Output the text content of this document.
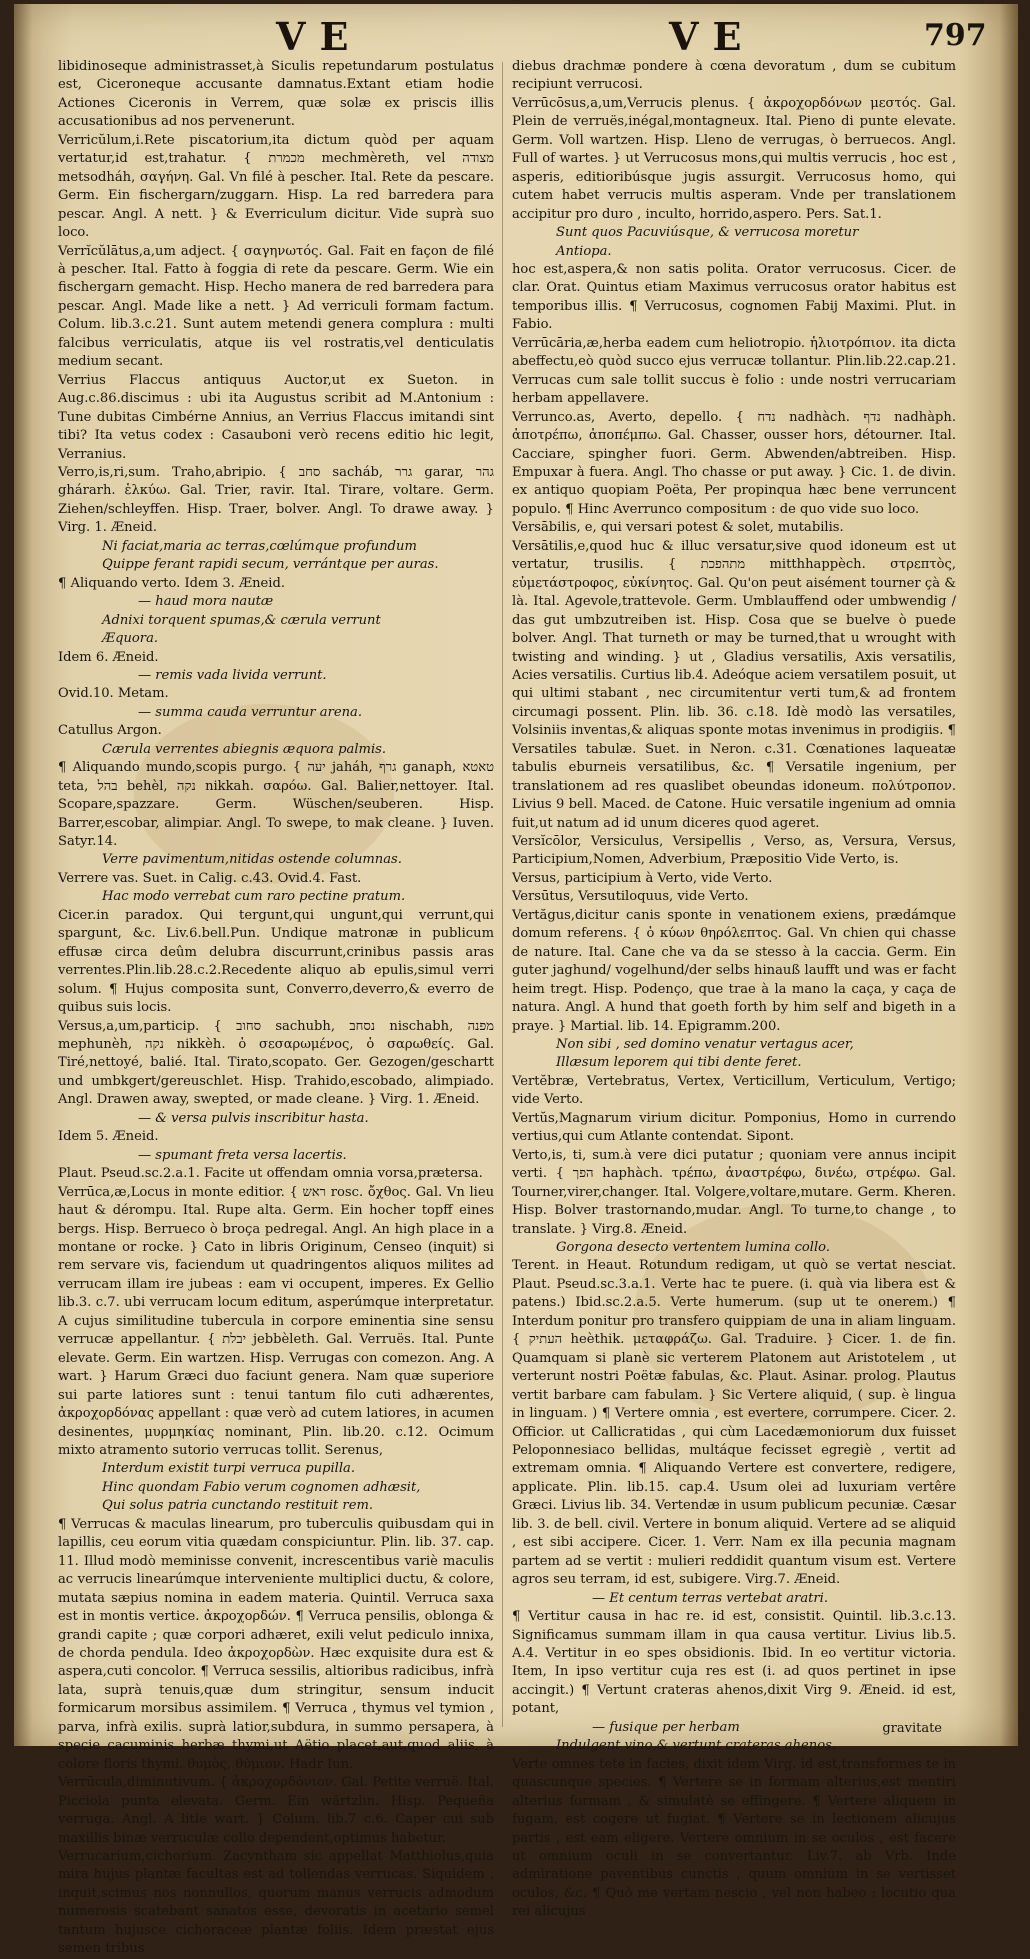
VE	VE	797

libidinoseque administrasset,à Siculis repetundarum postulatus est, Ciceroneque accusante damnatus.Extant etiam hodie Actiones Ciceronis in Verrem, quæ solæ ex priscis illis accusationibus ad nos pervenerunt.

Verricŭlum,i.Rete piscatorium,ita dictum quòd per aquam vertatur,id est,trahatur. { מכמרת mechmèreth, vel מצודה metsodháh, σαγήνη. Gal. Vn filé à pescher. Ital. Rete da pescare. Germ. Ein fischergarn/zuggarn. Hisp. La red barredera para pescar. Angl. A nett. } & Everriculum dicitur. Vide suprà suo loco.

Verrĭcŭlātus,a,um adject. { σαγηνωτός. Gal. Fait en façon de filé à pescher. Ital. Fatto à foggia di rete da pescare. Germ. Wie ein fischergarn gemacht. Hisp. Hecho manera de red barredera para pescar. Angl. Made like a nett. } Ad verriculi formam factum. Colum. lib.3.c.21. Sunt autem metendi genera complura : multi falcibus verriculatis, atque iis vel rostratis,vel denticulatis medium secant.

Verrius Flaccus antiquus Auctor,ut ex Sueton. in Aug.c.86.discimus : ubi ita Augustus scribit ad M.Antonium : Tune dubitas Cimbérne Annius, an Verrius Flaccus imitandi sint tibi? Ita vetus codex : Casauboni verò recens editio hic legit, Verranius.

Verro,is,ri,sum. Traho,abripio. { סחב sacháb, גרר garar, גהר ghárarh. ἑλκύω. Gal. Trier, ravir. Ital. Tirare, voltare. Germ. Ziehen/schleyffen. Hisp. Traer, bolver. Angl. To drawe away. } Virg. 1. Æneid.

Ni faciat,maria ac terras,cœlúmque profundum

Quippe ferant rapidi secum, verrántque per auras.

¶ Aliquando verto. Idem 3. Æneid.

— haud mora nautæ

Adnixi torquent spumas,& cærula verrunt

Æquora.

Idem 6. Æneid.

— remis vada livida verrunt.

Ovid.10. Metam.

— summa cauda verruntur arena.

Catullus Argon.

Cærula verrentes abiegnis æquora palmis.

¶ Aliquando mundo,scopis purgo. { יעה jaháh, גרף ganaph, טאטא teta, בהל behèl, נקה nikkah. σαρόω. Gal. Balier,nettoyer. Ital. Scopare,spazzare. Germ. Wüschen/seuberen. Hisp. Barrer,escobar, alimpiar. Angl. To swepe, to mak cleane. } Iuven. Satyr.14.

Verre pavimentum,nitidas ostende columnas.

Verrere vas. Suet. in Calig. c.43. Ovid.4. Fast.

Hac modo verrebat cum raro pectine pratum.

Cicer.in paradox. Qui tergunt,qui ungunt,qui verrunt,qui spargunt, &c. Liv.6.bell.Pun. Undique matronæ in publicum effusæ circa deûm delubra discurrunt,crinibus passis aras verrentes.Plin.lib.28.c.2.Recedente aliquo ab epulis,simul verri solum. ¶ Hujus composita sunt, Converro,deverro,& everro de quibus suis locis.

Versus,a,um,particip. { סחוב sachubh, נסחב nischabh, מפנה mephunèh, נקה nikkèh. ὁ σεσαρωμένος, ὁ σαρωθείς. Gal. Tiré,nettoyé, balié. Ital. Tirato,scopato. Ger. Gezogen/geschartt und umbkgert/gereuschlet. Hisp. Trahido,escobado, alimpiado. Angl. Drawen away, swepted, or made cleane. } Virg. 1. Æneid.

— & versa pulvis inscribitur hasta.

Idem 5. Æneid.

— spumant freta versa lacertis.

Plaut. Pseud.sc.2.a.1. Facite ut offendam omnia vorsa,prætersa.

Verrūca,æ,Locus in monte editior. { ראש rosc. ὄχθος. Gal. Vn lieu haut & dérompu. Ital. Rupe alta. Germ. Ein hocher topff eines bergs. Hisp. Berrueco ò broça pedregal. Angl. An high place in a montane or rocke. } Cato in libris Originum, Censeo (inquit) si rem servare vis, faciendum ut quadringentos aliquos milites ad verrucam illam ire jubeas : eam vi occupent, imperes. Ex Gellio lib.3. c.7. ubi verrucam locum editum, asperúmque interpretatur. A cujus similitudine tubercula in corpore eminentia sine sensu verrucæ appellantur. { יבלת jebbèleth. Gal. Verruës. Ital. Punte elevate. Germ. Ein wartzen. Hisp. Verrugas con comezon. Ang. A wart. } Harum Græci duo faciunt genera. Nam quæ superiore sui parte latiores sunt : tenui tantum filo cuti adhærentes, ἀκροχορδόνας appellant : quæ verò ad cutem latiores, in acumen desinentes, μυρμηκίας nominant, Plin. lib.20. c.12. Ocimum mixto atramento sutorio verrucas tollit. Serenus,

Interdum existit turpi verruca pupilla.

Hinc quondam Fabio verum cognomen adhæsit,

Qui solus patria cunctando restituit rem.

¶ Verrucas & maculas linearum, pro tuberculis quibusdam qui in lapillis, ceu eorum vitia quædam conspiciuntur. Plin. lib. 37. cap. 11. Illud modò meminisse convenit, increscentibus variè maculis ac verrucis linearúmque interveniente multiplici ductu, & colore, mutata sæpius nomina in eadem materia. Quintil. Verruca saxa est in montis vertice. ἀκροχορδών. ¶ Verruca pensilis, oblonga & grandi capite ; quæ corpori adhæret, exili velut pediculo innixa, de chorda pendula. Ideo ἀκροχορδὼν. Hæc exquisite dura est & aspera,cuti concolor. ¶ Verruca sessilis, altioribus radicibus, infrà lata, suprà tenuis,quæ dum stringitur, sensum inducit formicarum morsibus assimilem. ¶ Verruca , thymus vel tymion , parva, infrà exilis. suprà latior,subdura, in summo persapera, à specie cacuminis herbæ thymi,ut Aëtio placet,aut,quod aliis, à colore floris thymi. θυμὸς, θύμιον. Hadr Iun.

Verrūcula,diminutivum. { ἀκροχορδόνιον. Gal. Petite verruë. Ital. Picciola punta elevata. Germ. Ein wärtzlin. Hisp. Pequeña verruga. Angl. A litle wart. } Colum. lib.7 c.6. Caper cui sub maxillis binæ verruculæ collo dependent,optimus habetur.

Verrucarium,cichorium. Zacyntham sic appellat Matthiolus,quia mira hujus plantæ facultas est ad tollendas verrucas. Siquidem , inquit,scimus nos nonnullos, quorum manus verrucis admodum numerosis scatebant sanatos esse, devoratis in acetario semel tantum hujusce cichoraceæ plantæ foliis. Idem præstat ejus semen tribus

diebus drachmæ pondere à cœna devoratum , dum se cubitum recipiunt verrucosi.

Verrūcōsus,a,um,Verrucis plenus. { ἀκροχορδόνων μεστός. Gal. Plein de verruës,inégal,montagneux. Ital. Pieno di punte elevate. Germ. Voll wartzen. Hisp. Lleno de verrugas, ò berruecos. Angl. Full of wartes. } ut Verrucosus mons,qui multis verrucis , hoc est , asperis, editioribúsque jugis assurgit. Verrucosus homo, qui cutem habet verrucis multis asperam. Vnde per translationem accipitur pro duro , inculto, horrido,aspero. Pers. Sat.1.

Sunt quos Pacuviúsque, & verrucosa moretur

Antiopa.

hoc est,aspera,& non satis polita. Orator verrucosus. Cicer. de clar. Orat. Quintus etiam Maximus verrucosus orator habitus est temporibus illis. ¶ Verrucosus, cognomen Fabij Maximi. Plut. in Fabio.

Verrūcāria,æ,herba eadem cum heliotropio. ἡλιοτρόπιον. ita dicta abeffectu,eò quòd succo ejus verrucæ tollantur. Plin.lib.22.cap.21. Verrucas cum sale tollit succus è folio : unde nostri verrucariam herbam appellavere.

Verrunco.as, Averto, depello. { נדח nadhàch. נדף nadhàph. ἀποτρέπω, ἀποπέμπω. Gal. Chasser, ousser hors, détourner. Ital. Cacciare, spingher fuori. Germ. Abwenden/abtreiben. Hisp. Empuxar à fuera. Angl. Tho chasse or put away. } Cic. 1. de divin. ex antiquo quopiam Poëta, Per propinqua hæc bene verruncent populo. ¶ Hinc Averrunco compositum : de quo vide suo loco.

Versābilis, e, qui versari potest & solet, mutabilis.

Versātilis,e,quod huc & illuc versatur,sive quod idoneum est ut vertatur, trusilis. { מתהפכת mitthhappèch. στρεπτὸς, εὐμετάστροφος, εὐκίνητος. Gal. Qu'on peut aisément tourner çà & là. Ital. Agevole,trattevole. Germ. Umblauffend oder umbwendig / das gut umbzutreiben ist. Hisp. Cosa que se buelve ò puede bolver. Angl. That turneth or may be turned,that u wrought with twisting and winding. } ut , Gladius versatilis, Axis versatilis, Acies versatilis. Curtius lib.4. Adeóque aciem versatilem posuit, ut qui ultimi stabant , nec circumitentur verti tum,& ad frontem circumagi possent. Plin. lib. 36. c.18. Idè modò las versatiles, Volsiniis inventas,& aliquas sponte motas invenimus in prodigiis. ¶ Versatiles tabulæ. Suet. in Neron. c.31. Cœnationes laqueatæ tabulis eburneis versatilibus, &c. ¶ Versatile ingenium, per translationem ad res quaslibet obeundas idoneum. πολύτροπον. Livius 9 bell. Maced. de Catone. Huic versatile ingenium ad omnia fuit,ut natum ad id unum diceres quod ageret.

Versĭcōlor, Versiculus, Versipellis , Verso, as, Versura, Versus, Participium,Nomen, Adverbium, Præpositio Vide Verto, is.

Versus, participium à Verto, vide Verto.

Versūtus, Versutiloquus, vide Verto.

Vertăgus,dicitur canis sponte in venationem exiens, prædámque domum referens. { ὁ κύων θηρόλεπτος. Gal. Vn chien qui chasse de nature. Ital. Cane che va da se stesso à la caccia. Germ. Ein guter jaghund/ vogelhund/der selbs hinauß laufft und was er facht heim tregt. Hisp. Podenço, que trae à la mano la caça, y caça de natura. Angl. A hund that goeth forth by him self and bigeth in a praye. } Martial. lib. 14. Epigramm.200.

Non sibi , sed domino venatur vertagus acer,

Illæsum leporem qui tibi dente feret.

Vertĕbræ, Vertebratus, Vertex, Verticillum, Verticulum, Vertigo; vide Verto.

Vertŭs,Magnarum virium dicitur. Pomponius, Homo in currendo vertius,qui cum Atlante contendat. Sipont.

Verto,is, ti, sum.à vere dici putatur ; quoniam vere annus incipit verti. { הפך haphàch. τρέπω, ἀναστρέφω, δινέω, στρέφω. Gal. Tourner,virer,changer. Ital. Volgere,voltare,mutare. Germ. Kheren. Hisp. Bolver trastornando,mudar. Angl. To turne,to change , to translate. } Virg.8. Æneid.

Gorgona desecto vertentem lumina collo.

Terent. in Heaut. Rotundum redigam, ut quò se vertat nesciat. Plaut. Pseud.sc.3.a.1. Verte hac te puere. (i. quà via libera est & patens.) Ibid.sc.2.a.5. Verte humerum. (sup ut te onerem.) ¶ Interdum ponitur pro transfero quippiam de una in aliam linguam. { העתיק heèthik. μεταφράζω. Gal. Traduire. } Cicer. 1. de fin. Quamquam si planè sic verterem Platonem aut Aristotelem , ut verterunt nostri Poëtæ fabulas, &c. Plaut. Asinar. prolog. Plautus vertit barbare cam fabulam. } Sic Vertere aliquid, ( sup. è lingua in linguam. ) ¶ Vertere omnia , est evertere, corrumpere. Cicer. 2. Officior. ut Callicratidas , qui cùm Lacedæmoniorum dux fuisset Peloponnesiaco bellidas, multáque fecisset egregiè , vertit ad extremam omnia. ¶ Aliquando Vertere est convertere, redigere, applicate. Plin. lib.15. cap.4. Usum olei ad luxuriam vertêre Græci. Livius lib. 34. Vertendæ in usum publicum pecuniæ. Cæsar lib. 3. de bell. civil. Vertere in bonum aliquid. Vertere ad se aliquid , est sibi accipere. Cicer. 1. Verr. Nam ex illa pecunia magnam partem ad se vertit : mulieri reddidit quantum visum est. Vertere agros seu terram, id est, subigere. Virg.7. Æneid.

— Et centum terras vertebat aratri.

¶ Vertitur causa in hac re. id est, consistit. Quintil. lib.3.c.13. Significamus summam illam in qua causa vertitur. Livius lib.5. A.4. Vertitur in eo spes obsidionis. Ibid. In eo vertitur victoria. Item, In ipso vertitur cuja res est (i. ad quos pertinet in ipse accingit.) ¶ Vertunt crateras ahenos,dixit Virg 9. Æneid. id est, potant,

— fusique per herbam

Indulgent vino,& vertunt crateras ahenos.

Verte omnes tete in facies, dixit idem Virg. id est,transformes te in quascunque species. ¶ Vertere se in formam alterius,est mentiri alterius formam , & simulatè se effingere. ¶ Vertere aliquem in fugam, est cogere ut fugiat. ¶ Vertere se in lectionem alicujus partis , est eam eligere. Vertere omnium in se oculos , est facere ut omnium oculi in se convertantur. Liv.7. ab Vrb. Inde admiratione paventibus cunctis , quum omnium in se vertisset oculos, &c. ¶ Quò me vertam nescio , vel non habeo : locutio qua rei alicujus

gravitate
